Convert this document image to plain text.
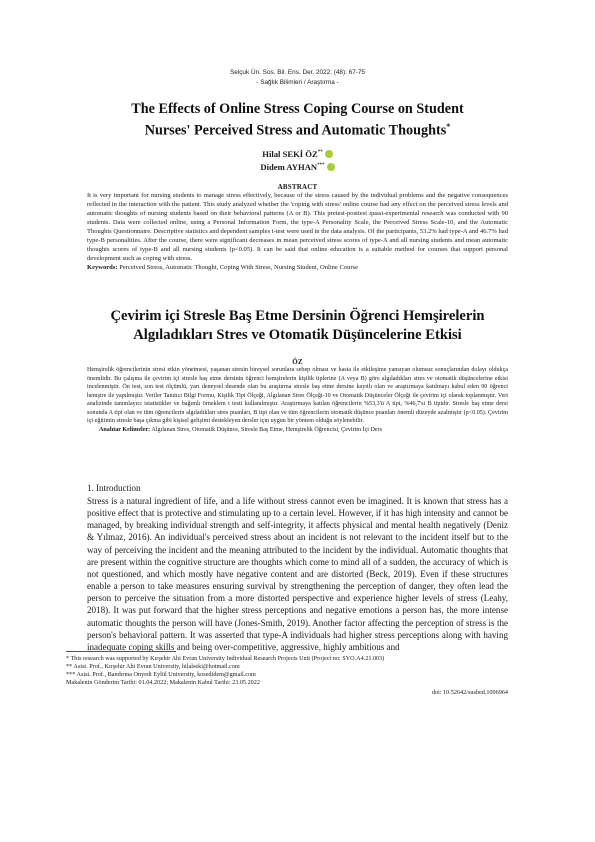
Selçuk Ün. Sos. Bil. Ens. Der. 2022; (48): 67-75
- Sağlık Bilimleri / Araştırma -
The Effects of Online Stress Coping Course on Student
Nurses' Perceived Stress and Automatic Thoughts*
Hilal SEKİ ÖZ**
Didem AYHAN***
ABSTRACT

It is very important for nursing students to manage stress effectively, because of the stress caused by the individual problems and the negative consequences reflected in the interaction with the patient. This study analyzed whether the 'coping with stress' online course had any effect on the perceived stress levels and automatic thoughts of nursing students based on their behavioral patterns (A or B). This pretest-posttest quasi-experimental research was conducted with 90 students. Data were collected online, using a Personal Information Form, the type-A Personality Scale, the Perceived Stress Scale-10, and the Automatic Thoughts Questionnaire. Descriptive statistics and dependent samples t-test were used in the data analysis. Of the participants, 53.2% had type-A and 46.7% had type-B personalities. After the course, there were significant decreases in mean perceived stress scores of type-A and all nursing students and mean automatic thoughts scores of type-B and all nursing students (p<0.05). It can be said that online education is a suitable method for courses that support personal development such as coping with stress.

Keywords: Perceived Stress, Automatic Thought, Coping With Stress, Nursing Student, Online Course

Çevirim içi Stresle Baş Etme Dersinin Öğrenci Hemşirelerin
Algıladıkları Stres ve Otomatik Düşüncelerine Etkisi
ÖZ

Hemşirelik öğrencilerinin stresi etkin yönetmesi, yaşanan stresin bireysel sorunlara sebep olması ve hasta ile etkileşime yansıyan olumsuz sonuçlarından dolayı oldukça önemlidir. Bu çalışma ile çevirim içi stresle baş etme dersinin öğrenci hemşirelerin kişilik tiplerine (A veya B) göre algıladıkları stres ve otomatik düşüncelerine etkisi incelenmiştir. Ön test, son test ölçümlü, yarı deneysel desende olan bu araştırma stresle baş etme dersine kayıtlı olan ve araştırmaya katılmayı kabul eden 90 öğrenci hemşire ile yapılmıştır. Veriler Tanıtıcı Bilgi Formu, Kişilik Tipi Ölçeği, Algılanan Stres Ölçeği-10 ve Otomatik Düşünceler Ölçeği ile çevirim içi olarak toplanmıştır. Veri analizinde tanımlayıcı istatistikler ve bağımlı örneklem t testi kullanılmıştır. Araştırmaya katılan öğrencilerin %53,3'ü A tipi, %46,7'si B tipidir. Stresle baş etme dersi sonunda A tipi olan ve tüm öğrencilerin algıladıkları stres puanları, B tipi olan ve tüm öğrencilerin otomatik düşünce puanları önemli düzeyde azalmıştır (p<0.05). Çevirim içi eğitimin stresle başa çıkma gibi kişisel gelişimi destekleyen dersler için uygun bir yöntem olduğu söylenebilir.

Anahtar Kelimeler: Algılanan Stres, Otomatik Düşünce, Stresle Baş Etme, Hemşirelik Öğrencisi, Çevirim İçi Ders

1. Introduction

Stress is a natural ingredient of life, and a life without stress cannot even be imagined. It is known that stress has a positive effect that is protective and stimulating up to a certain level. However, if it has high intensity and cannot be managed, by breaking individual strength and self-integrity, it affects physical and mental health negatively (Deniz & Yılmaz, 2016). An individual's perceived stress about an incident is not relevant to the incident itself but to the way of perceiving the incident and the meaning attributed to the incident by the individual. Automatic thoughts that are present within the cognitive structure are thoughts which come to mind all of a sudden, the accuracy of which is not questioned, and which mostly have negative content and are distorted (Beck, 2019). Even if these structures enable a person to take measures ensuring survival by strengthening the perception of danger, they often lead the person to perceive the situation from a more distorted perspective and experience higher levels of stress (Leahy, 2018). It was put forward that the higher stress perceptions and negative emotions a person has, the more intense automatic thoughts the person will have (Jones-Smith, 2019). Another factor affecting the perception of stress is the person's behavioral pattern. It was asserted that type-A individuals had higher stress perceptions along with having inadequate coping skills and being over-competitive, aggressive, highly ambitious and

* This research was supported by Kırşehir Ahi Evran University Individual Research Projects Unit (Project no: SYO.A4.21.003)
** Asist. Prof., Kırşehir Ahi Evran University, hilalseki@hotmail.com
*** Asist. Prof., Bandırma Onyedi Eylül University, kosedidem@gmail.com
Makalenin Gönderim Tarihi: 01.04.2022; Makalenin Kabul Tarihi: 23.05.2022
doi: 10.52642/susbed.1096964
